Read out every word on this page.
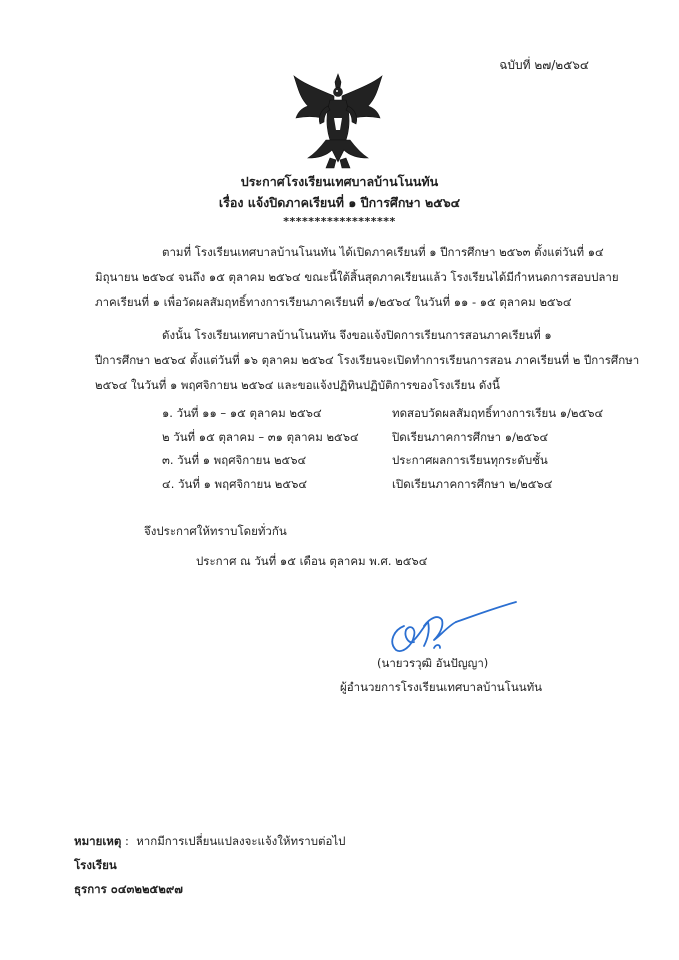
ฉบับที่ ๒๗/๒๕๖๔
ประกาศโรงเรียนเทศบาลบ้านโนนทัน
เรื่อง แจ้งปิดภาคเรียนที่ ๑ ปีการศึกษา ๒๕๖๔
******************
ตามที่ โรงเรียนเทศบาลบ้านโนนทัน ได้เปิดภาคเรียนที่ ๑ ปีการศึกษา ๒๕๖๓ ตั้งแต่วันที่ ๑๔
มิถุนายน ๒๕๖๔ จนถึง ๑๕ ตุลาคม ๒๕๖๔ ขณะนี้ใต้สิ้นสุดภาคเรียนแล้ว โรงเรียนได้มีกำหนดการสอบปลาย
ภาคเรียนที่ ๑ เพื่อวัดผลสัมฤทธิ์ทางการเรียนภาคเรียนที่ ๑/๒๕๖๔ ในวันที่ ๑๑ - ๑๕ ตุลาคม ๒๕๖๔
ดังนั้น โรงเรียนเทศบาลบ้านโนนทัน จึงขอแจ้งปิดการเรียนการสอนภาคเรียนที่ ๑
ปีการศึกษา ๒๕๖๔ ตั้งแต่วันที่ ๑๖ ตุลาคม ๒๕๖๔ โรงเรียนจะเปิดทำการเรียนการสอน ภาคเรียนที่ ๒ ปีการศึกษา
๒๕๖๔ ในวันที่ ๑ พฤศจิกายน ๒๕๖๔ และขอแจ้งปฏิทินปฏิบัติการของโรงเรียน ดังนี้
๑. วันที่ ๑๑ – ๑๕ ตุลาคม ๒๕๖๔	ทดสอบวัดผลสัมฤทธิ์ทางการเรียน ๑/๒๕๖๔
๒ วันที่ ๑๕ ตุลาคม – ๓๑ ตุลาคม ๒๕๖๔	ปิดเรียนภาคการศึกษา ๑/๒๕๖๔
๓. วันที่ ๑ พฤศจิกายน ๒๕๖๔	ประกาศผลการเรียนทุกระดับชั้น
๔. วันที่ ๑ พฤศจิกายน ๒๕๖๔	เปิดเรียนภาคการศึกษา ๒/๒๕๖๔
จึงประกาศให้ทราบโดยทั่วกัน
ประกาศ ณ วันที่ ๑๕ เดือน ตุลาคม พ.ศ. ๒๕๖๔
(นายวรวุฒิ อันปัญญา)
ผู้อำนวยการโรงเรียนเทศบาลบ้านโนนทัน
หมายเหตุ :  หากมีการเปลี่ยนแปลงจะแจ้งให้ทราบต่อไป
โรงเรียน
ธุรการ ๐๔๓๒๒๕๒๙๗
